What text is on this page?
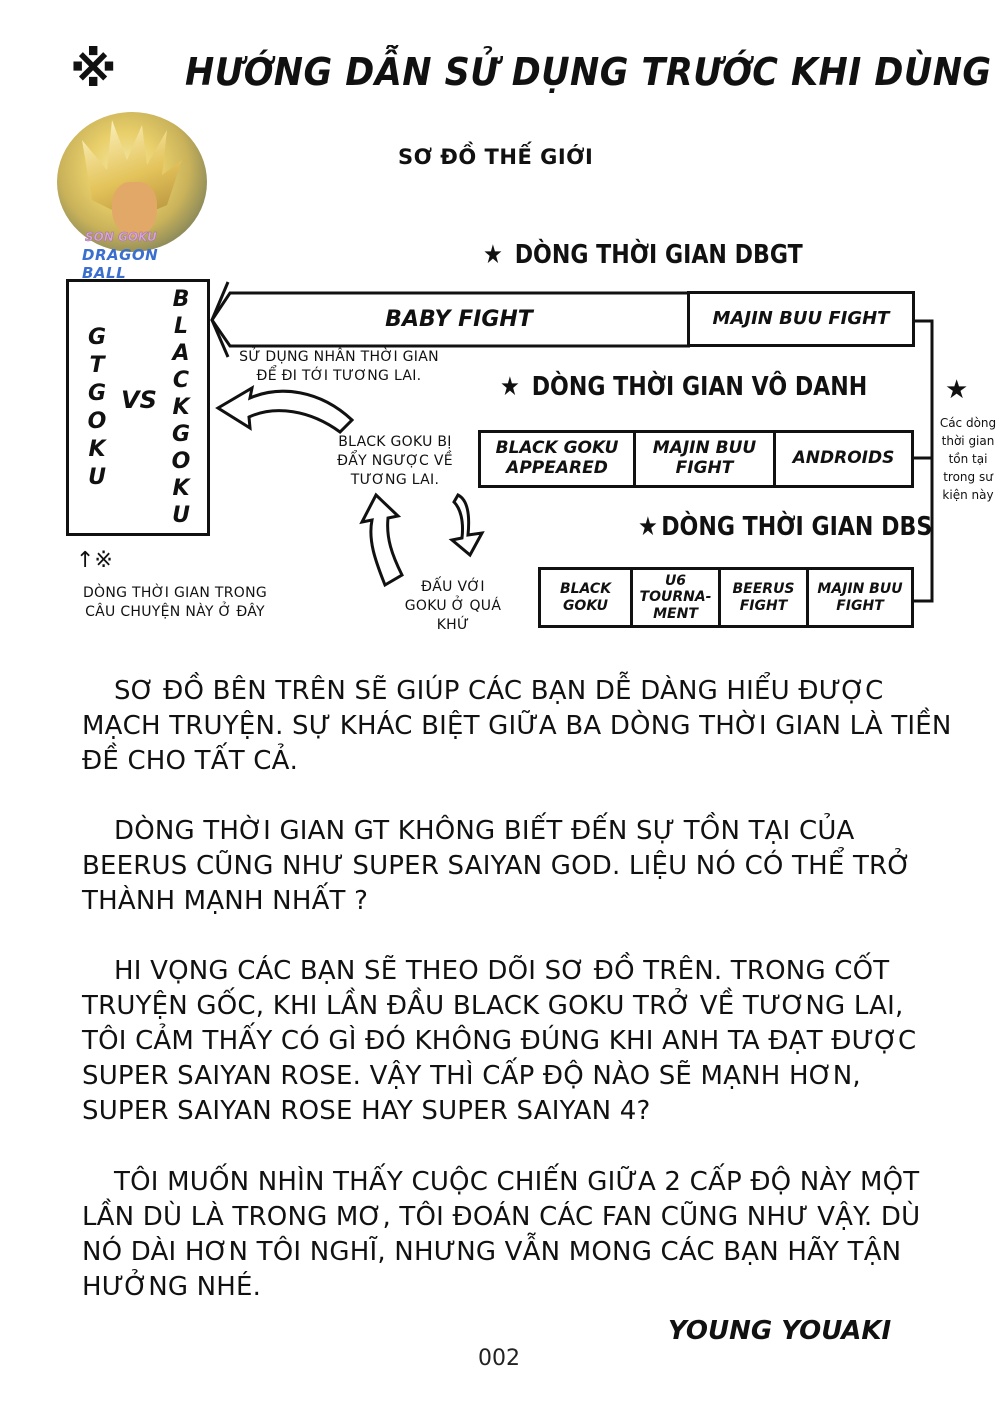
※ HƯỚNG DẪN SỬ DỤNG TRƯỚC KHI DÙNG
SON GOKU
DRAGON BALL
SƠ ĐỒ THẾ GIỚI
★ DÒNG THỜI GIAN DBGT
BABY FIGHT	MAJIN BUU FIGHT
SỬ DỤNG NHẪN THỜI GIAN ĐỂ ĐI TỚI TƯƠNG LAI.	★ DÒNG THỜI GIAN VÔ DANH
BLACK GOKU APPEARED
MAJIN BUU FIGHT	ANDROIDS
BLACK GOKU BỊ ĐẨY NGƯỢC VỀ TƯƠNG LAI.
★ DÒNG THỜI GIAN DBS
BLACK GOKU
U6 TOURNA-MENT
BEERUS FIGHT
MAJIN BUU FIGHT
ĐẤU VỚI GOKU Ở QUÁ KHỨ
G
T
G
O
K
U
VS
B
L
A
C
K
G
O
K
U
↑※
DÒNG THỜI GIAN TRONG CÂU CHUYỆN NÀY Ở ĐÂY
★
Các dòng thời gian tồn tại trong sư kiện này
SƠ ĐỒ BÊN TRÊN SẼ GIÚP CÁC BẠN DỄ DÀNG HIỂU ĐƯỢC MẠCH TRUYỆN. SỰ KHÁC BIỆT GIỮA BA DÒNG THỜI GIAN LÀ TIỀN ĐỀ CHO TẤT CẢ.
DÒNG THỜI GIAN GT KHÔNG BIẾT ĐẾN SỰ TỒN TẠI CỦA BEERUS CŨNG NHƯ SUPER SAIYAN GOD. LIỆU NÓ CÓ THỂ TRỞ THÀNH MẠNH NHẤT ?
HI VỌNG CÁC BẠN SẼ THEO DÕI SƠ ĐỒ TRÊN. TRONG CỐT TRUYỆN GỐC, KHI LẦN ĐẦU BLACK GOKU TRỞ VỀ TƯƠNG LAI, TÔI CẢM THẤY CÓ GÌ ĐÓ KHÔNG ĐÚNG KHI ANH TA ĐẠT ĐƯỢC SUPER SAIYAN ROSE. VẬY THÌ CẤP ĐỘ NÀO SẼ MẠNH HƠN, SUPER SAIYAN ROSE HAY SUPER SAIYAN 4?
TÔI MUỐN NHÌN THẤY CUỘC CHIẾN GIỮA 2 CẤP ĐỘ NÀY MỘT LẦN DÙ LÀ TRONG MƠ, TÔI ĐOÁN CÁC FAN CŨNG NHƯ VẬY. DÙ NÓ DÀI HƠN TÔI NGHĨ, NHƯNG VẪN MONG CÁC BẠN HÃY TẬN HƯỞNG NHÉ.
YOUNG YOUAKI
002
